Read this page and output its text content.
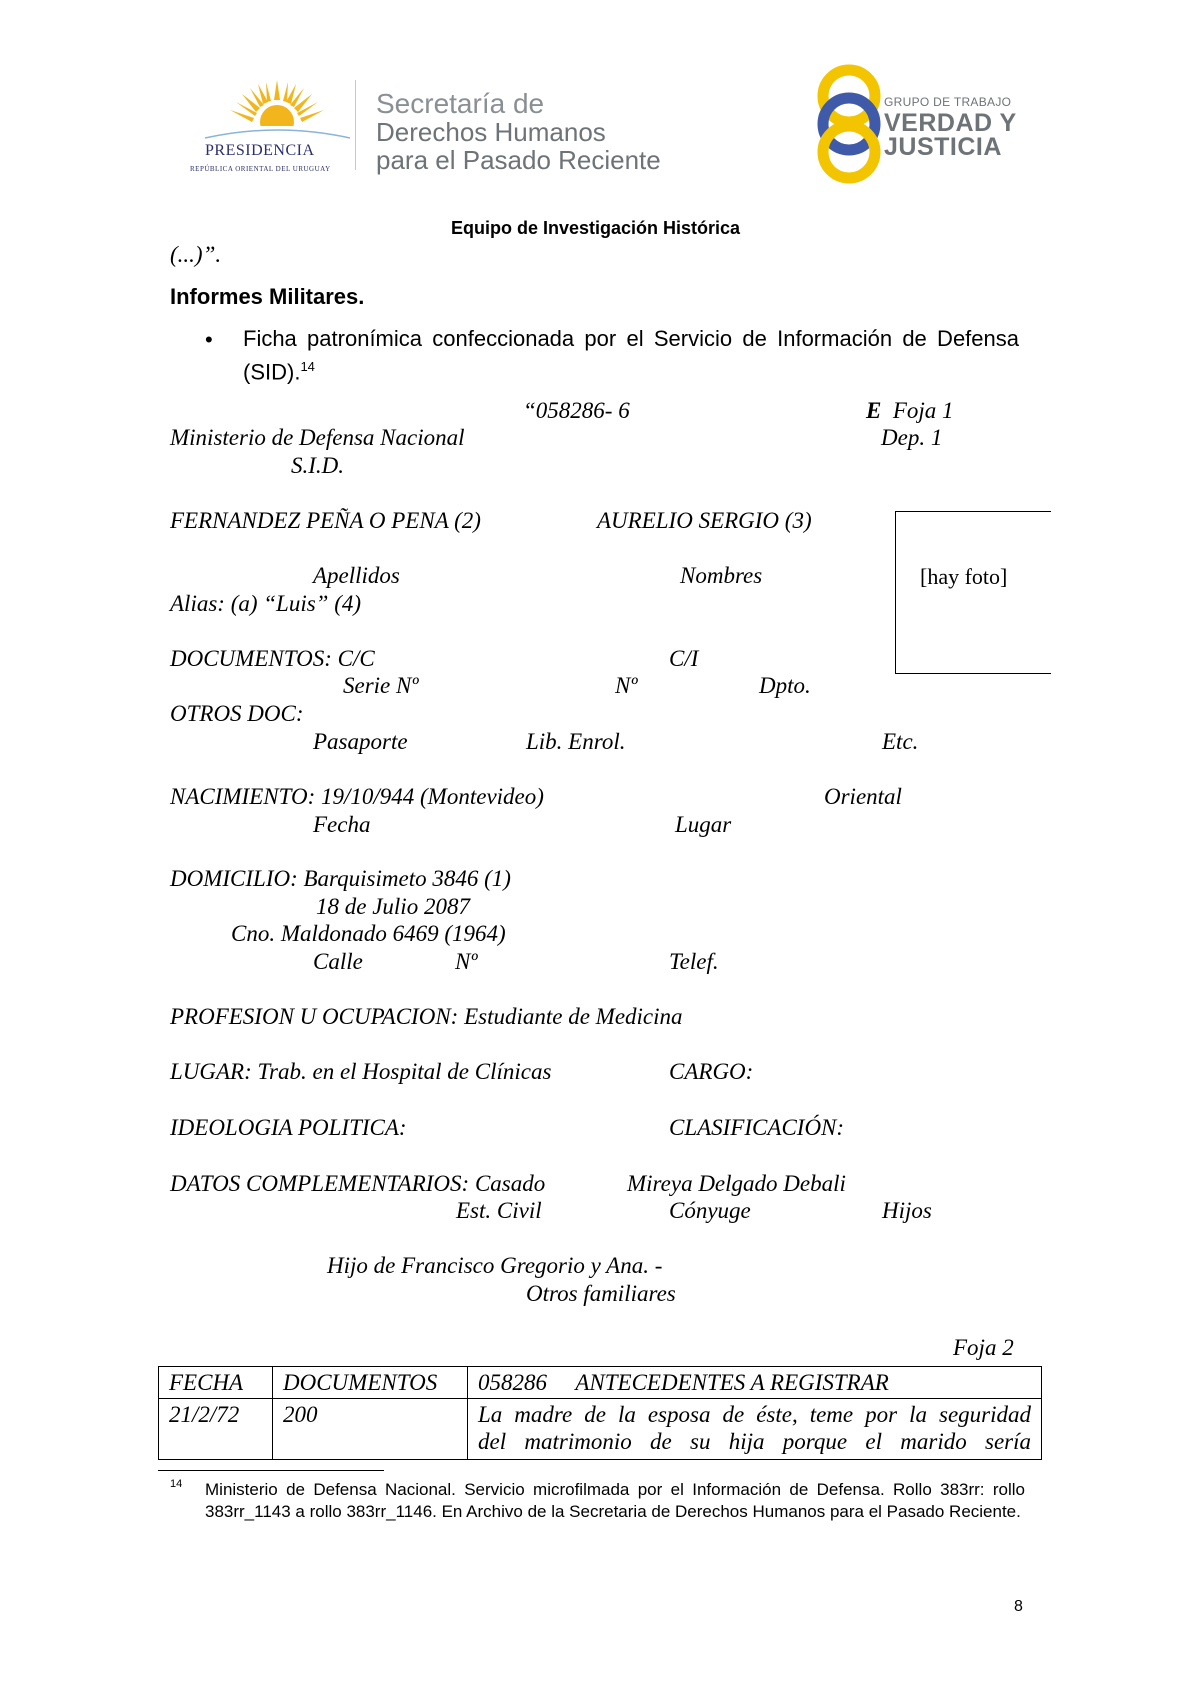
PRESIDENCIA
REPÚBLICA ORIENTAL DEL URUGUAY
Secretaría de
Derechos Humanos
para el Pasado Reciente
GRUPO DE TRABAJO
VERDAD Y
JUSTICIA
Equipo de Investigación Histórica
(...)”.
Informes Militares.
• Ficha patronímica confeccionada por el Servicio de Información de Defensa (SID).$^{14}$
“058286- 6	E Foja 1
Ministerio de Defensa Nacional	Dep. 1
S.I.D.
FERNANDEZ PEÑA O PENA (2)	AURELIO SERGIO (3)
[hay foto]
Apellidos	Nombres
Alias: (a) “Luis” (4)
DOCUMENTOS: C/C	C/I
Serie Nº	Nº	Dpto.
OTROS DOC:
Pasaporte	Lib. Enrol.	Etc.
NACIMIENTO: 19/10/944 (Montevideo)	Oriental
Fecha	Lugar
DOMICILIO: Barquisimeto 3846 (1)
18 de Julio 2087
Cno. Maldonado 6469 (1964)
Calle	Nº	Telef.
PROFESION U OCUPACION: Estudiante de Medicina
LUGAR: Trab. en el Hospital de Clínicas	CARGO:
IDEOLOGIA POLITICA:	CLASIFICACIÓN:
DATOS COMPLEMENTARIOS: Casado	Mireya Delgado Debali
Est. Civil	Cónyuge	Hijos
Hijo de Francisco Gregorio y Ana. -
Otros familiares
Foja 2
FECHA	DOCUMENTOS	058286     ANTECEDENTES A REGISTRAR
21/2/72	200	La madre de la esposa de éste, teme por la seguridad
del matrimonio de su hija porque el marido sería
14 Ministerio de Defensa Nacional. Servicio microfilmada por el Información de Defensa. Rollo 383rr: rollo 383rr_1143 a rollo 383rr_1146. En Archivo de la Secretaria de Derechos Humanos para el Pasado Reciente.
8
